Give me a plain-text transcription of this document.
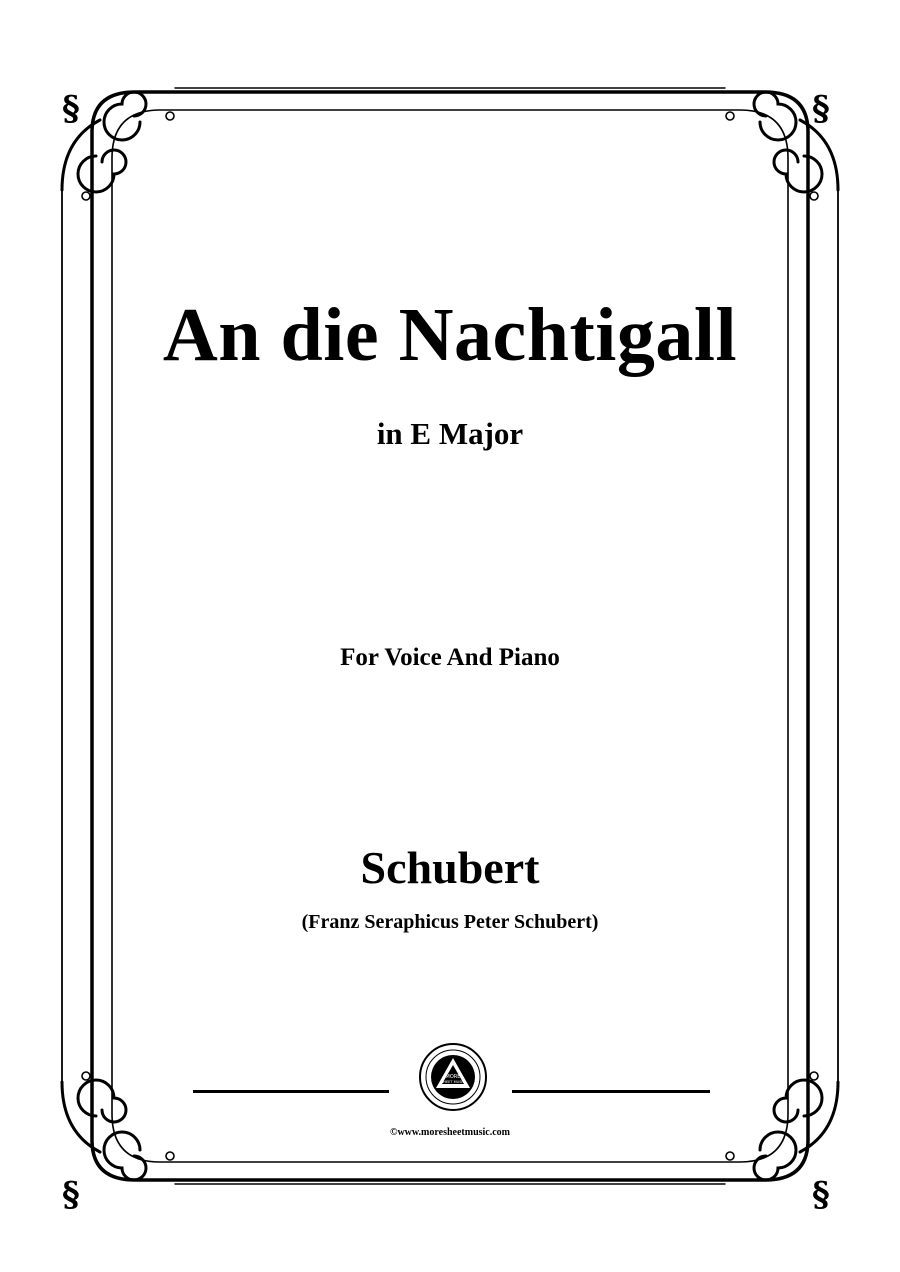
§	§
§	§
An die Nachtigall
in E Major
For Voice And Piano
Schubert
(Franz Seraphicus Peter Schubert)
MORE
SHEET MUSIC
©www.moresheetmusic.com
